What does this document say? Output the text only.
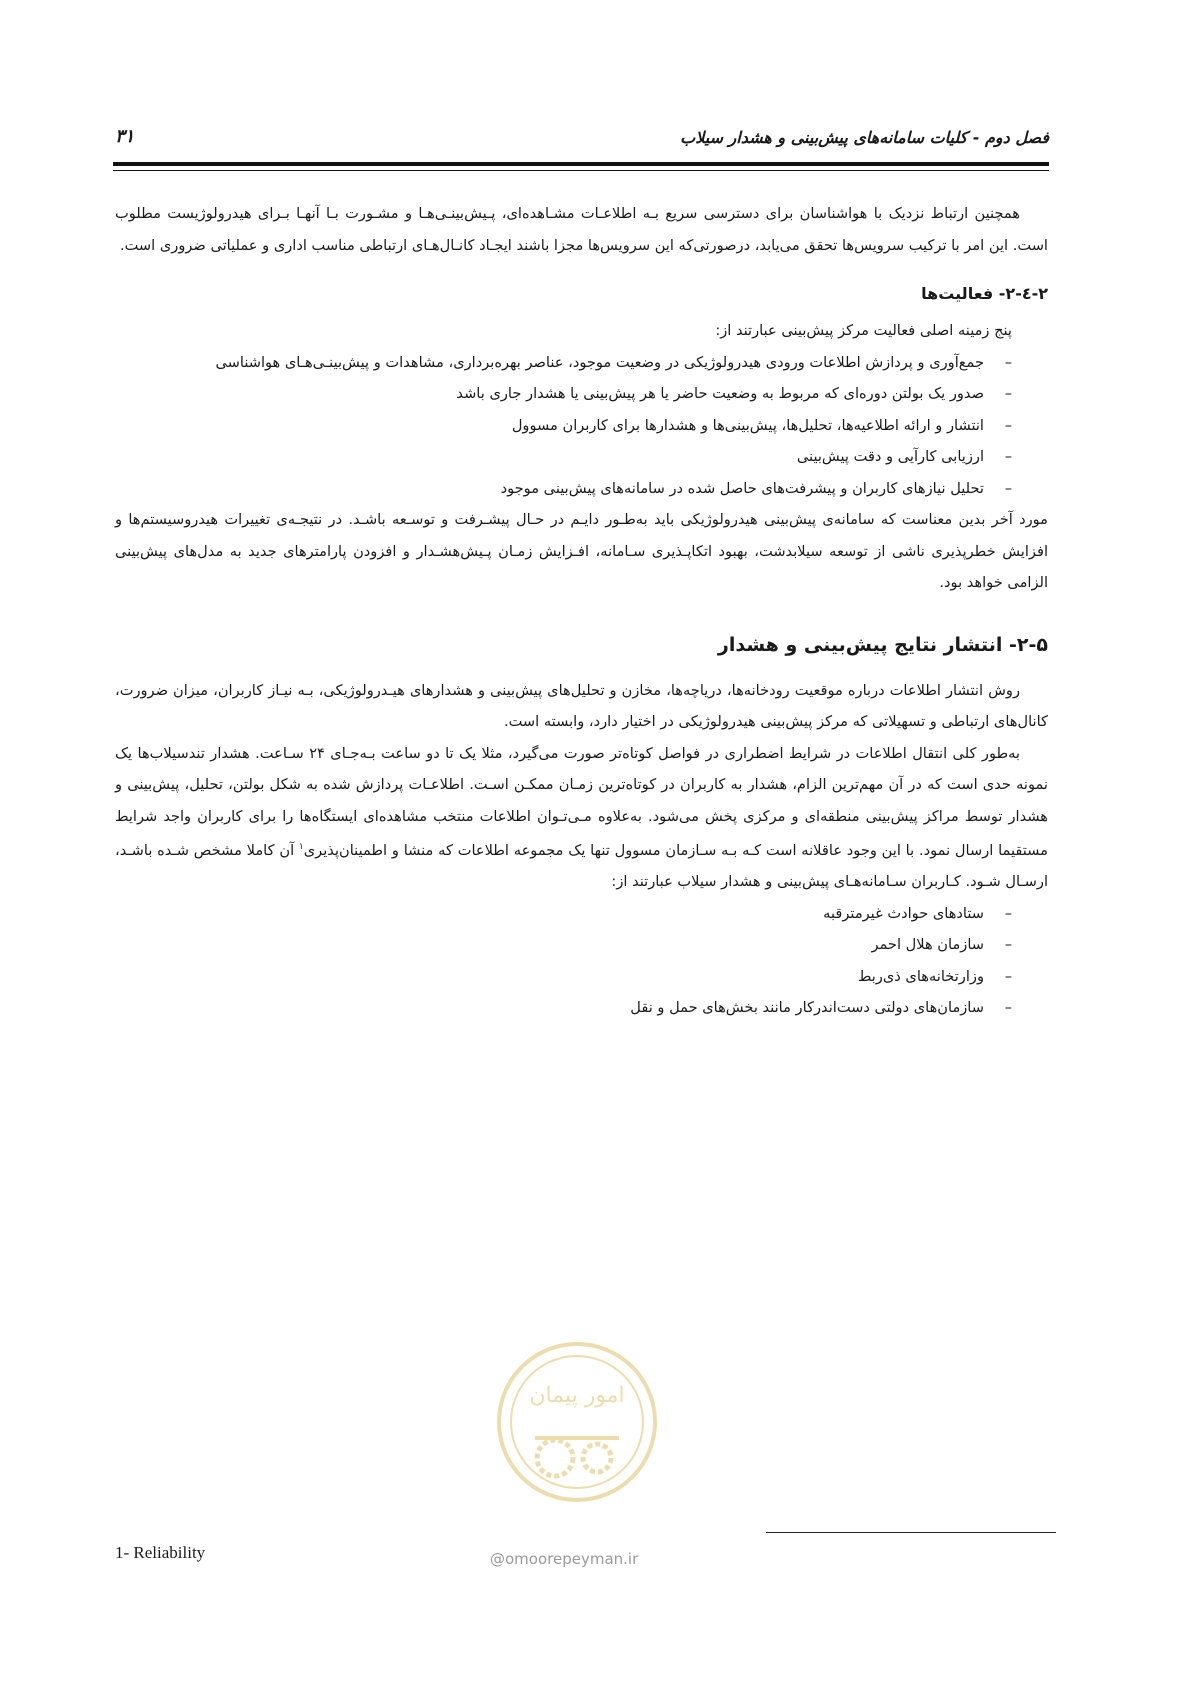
فصل دوم - کلیات سامانه‌های پیش‌بینی و هشدار سیلاب
۳۱

همچنین ارتباط نزدیک با هواشناسان برای دسترسی سریع بـه اطلاعـات مشـاهده‌ای، پـیش‌بینـی‌هـا و مشـورت بـا آنهـا بـرای هیدرولوژیست مطلوب است. این امر با ترکیب سرویس‌ها تحقق می‌یابد، درصورتی‌که این سرویس‌ها مجزا باشند ایجـاد کانـال‌هـای ارتباطی مناسب اداری و عملیاتی ضروری است.

۲-٤-۲- فعالیت‌ها

پنج زمینه اصلی فعالیت مرکز پیش‌بینی عبارتند از:

–
جمع‌آوری و پردازش اطلاعات ورودی هیدرولوژیکی در وضعیت موجود، عناصر بهره‌برداری، مشاهدات و پیش‌بینـی‌هـای هواشناسی
–
صدور یک بولتن دوره‌ای که مربوط به وضعیت حاضر یا هر پیش‌بینی یا هشدار جاری باشد
–
انتشار و ارائه اطلاعیه‌ها، تحلیل‌ها، پیش‌بینی‌ها و هشدارها برای کاربران مسوول
–
ارزیابی کارآیی و دقت پیش‌بینی
–
تحلیل نیازهای کاربران و پیشرفت‌های حاصل شده در سامانه‌های پیش‌بینی موجود

مورد آخر بدین معناست که سامانه‌ی پیش‌بینی هیدرولوژیکی باید به‌طـور دایـم در حـال پیشـرفت و توسـعه باشـد. در نتیجـه‌ی تغییرات هیدروسیستم‌ها و افزایش خطرپذیری ناشی از توسعه سیلابدشت، بهبود اتکاپـذیری سـامانه، افـزایش زمـان پـیش‌هشـدار و افزودن پارامترهای جدید به مدل‌های پیش‌بینی الزامی خواهد بود.

۲-۵- انتشار نتایج پیش‌بینی و هشدار

روش انتشار اطلاعات درباره موقعیت رودخانه‌ها، دریاچه‌ها، مخازن و تحلیل‌های پیش‌بینی و هشدارهای هیـدرولوژیکی، بـه نیـاز کاربران، میزان ضرورت، کانال‌های ارتباطی و تسهیلاتی که مرکز پیش‌بینی هیدرولوژیکی در اختیار دارد، وابسته است.

به‌طور کلی انتقال اطلاعات در شرایط اضطراری در فواصل کوتاه‌تر صورت می‌گیرد، مثلا یک تا دو ساعت بـه‌جـای ۲۴ سـاعت. هشدار تندسیلاب‌ها یک نمونه حدی است که در آن مهم‌ترین الزام، هشدار به کاربران در کوتاه‌ترین زمـان ممکـن اسـت. اطلاعـات پردازش شده به شکل بولتن، تحلیل، پیش‌بینی و هشدار توسط مراکز پیش‌بینی منطقه‌ای و مرکزی پخش می‌شود. به‌علاوه مـی‌تـوان اطلاعات منتخب مشاهده‌ای ایستگاه‌ها را برای کاربران واجد شرایط مستقیما ارسال نمود. با این وجود عاقلانه است کـه بـه سـازمان مسوول تنها یک مجموعه اطلاعات که منشا و اطمینان‌پذیری$^۱$ آن کاملا مشخص شـده باشـد، ارسـال شـود. کـاربران سـامانه‌هـای پیش‌بینی و هشدار سیلاب عبارتند از:

–
ستادهای حوادث غیرمترقبه
–
سازمان هلال احمر
–
وزارتخانه‌های ذی‌ربط
–
سازمان‌های دولتی دست‌اندرکار مانند بخش‌های حمل و نقل
امور پیمان
@omoorepeyman.ir
1- Reliability
